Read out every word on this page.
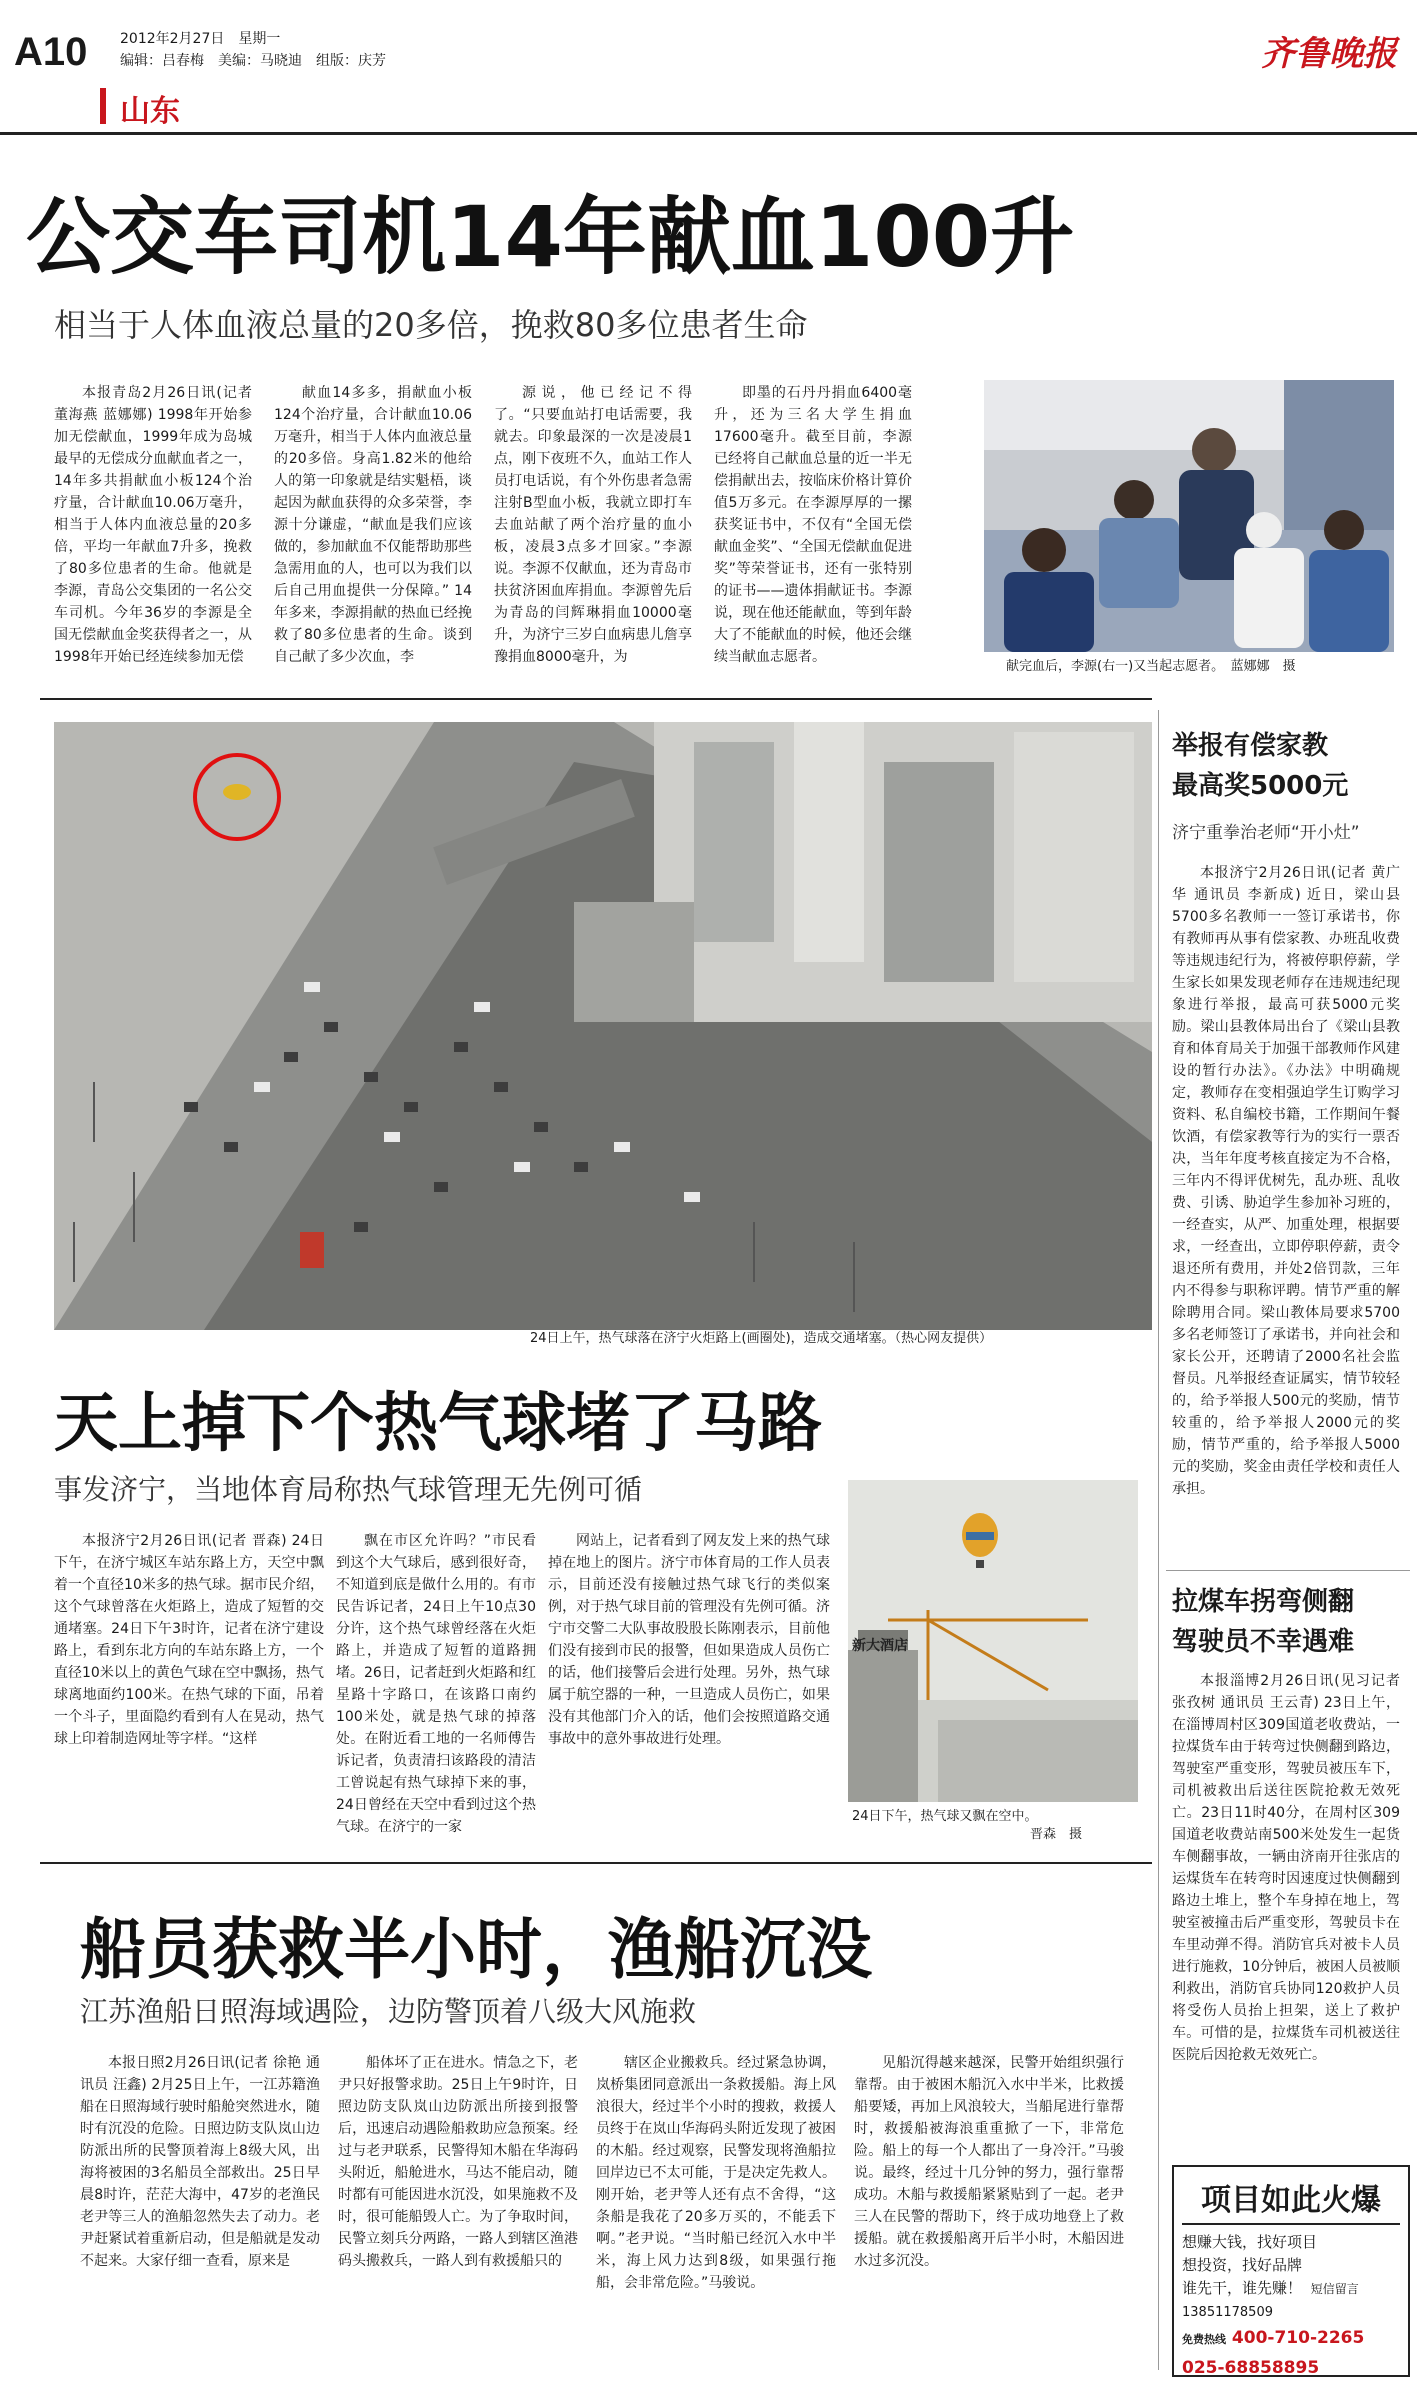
A10 2012年2月27日　星期一
编辑：吕春梅　美编：马晓迪　组版：庆芳
山东
齐鲁晚报
公交车司机14年献血100升
相当于人体血液总量的20多倍，挽救80多位患者生命

本报青岛2月26日讯(记者 董海燕 蓝娜娜) 1998年开始参加无偿献血，1999年成为岛城最早的无偿成分血献血者之一，14年多共捐献血小板124个治疗量，合计献血10.06万毫升，相当于人体内血液总量的20多倍，平均一年献血7升多，挽救了80多位患者的生命。他就是李源，青岛公交集团的一名公交车司机。今年36岁的李源是全国无偿献血金奖获得者之一，从1998年开始已经连续参加无偿

献血14多多，捐献血小板124个治疗量，合计献血10.06万毫升，相当于人体内血液总量的20多倍。身高1.82米的他给人的第一印象就是结实魁梧，谈起因为献血获得的众多荣誉，李源十分谦虚，“献血是我们应该做的，参加献血不仅能帮助那些急需用血的人，也可以为我们以后自己用血提供一分保障。” 14年多来，李源捐献的热血已经挽救了80多位患者的生命。谈到自己献了多少次血，李

源说，他已经记不得了。“只要血站打电话需要，我就去。印象最深的一次是凌晨1点，刚下夜班不久，血站工作人员打电话说，有个外伤患者急需注射B型血小板，我就立即打车去血站献了两个治疗量的血小板，凌晨3点多才回家。”李源说。李源不仅献血，还为青岛市扶贫济困血库捐血。李源曾先后为青岛的闫辉琳捐血10000毫升，为济宁三岁白血病患儿詹享豫捐血8000毫升，为

即墨的石丹丹捐血6400毫升，还为三名大学生捐血17600毫升。截至目前，李源已经将自己献血总量的近一半无偿捐献出去，按临床价格计算价值5万多元。在李源厚厚的一摞获奖证书中，不仅有“全国无偿献血金奖”、“全国无偿献血促进奖”等荣誉证书，还有一张特别的证书——遗体捐献证书。李源说，现在他还能献血，等到年龄大了不能献血的时候，他还会继续当献血志愿者。

献完血后，李源(右一)又当起志愿者。　蓝娜娜　摄
24日上午，热气球落在济宁火炬路上(画圈处)，造成交通堵塞。（热心网友提供）
天上掉下个热气球堵了马路
事发济宁，当地体育局称热气球管理无先例可循

本报济宁2月26日讯(记者 晋森) 24日下午，在济宁城区车站东路上方，天空中飘着一个直径10米多的热气球。据市民介绍，这个气球曾落在火炬路上，造成了短暂的交通堵塞。24日下午3时许，记者在济宁建设路上，看到东北方向的车站东路上方，一个直径10米以上的黄色气球在空中飘扬，热气球离地面约100米。在热气球的下面，吊着一个斗子，里面隐约看到有人在晃动，热气球上印着制造网址等字样。“这样

飘在市区允许吗？”市民看到这个大气球后，感到很好奇，不知道到底是做什么用的。有市民告诉记者，24日上午10点30分许，这个热气球曾经落在火炬路上，并造成了短暂的道路拥堵。26日，记者赶到火炬路和红星路十字路口，在该路口南约100米处，就是热气球的掉落处。在附近看工地的一名师傅告诉记者，负责清扫该路段的清洁工曾说起有热气球掉下来的事，24日曾经在天空中看到过这个热气球。在济宁的一家

网站上，记者看到了网友发上来的热气球掉在地上的图片。济宁市体育局的工作人员表示，目前还没有接触过热气球飞行的类似案例，对于热气球目前的管理没有先例可循。济宁市交警二大队事故股股长陈刚表示，目前他们没有接到市民的报警，但如果造成人员伤亡的话，他们接警后会进行处理。另外，热气球属于航空器的一种，一旦造成人员伤亡，如果没有其他部门介入的话，他们会按照道路交通事故中的意外事故进行处理。

新大酒店
24日下午，热气球又飘在空中。
晋森　摄
船员获救半小时，渔船沉没
江苏渔船日照海域遇险，边防警顶着八级大风施救

本报日照2月26日讯(记者 徐艳 通讯员 汪鑫) 2月25日上午，一江苏籍渔船在日照海域行驶时船舱突然进水，随时有沉没的危险。日照边防支队岚山边防派出所的民警顶着海上8级大风，出海将被困的3名船员全部救出。25日早晨8时许，茫茫大海中，47岁的老渔民老尹等三人的渔船忽然失去了动力。老尹赶紧试着重新启动，但是船就是发动不起来。大家仔细一查看，原来是

船体坏了正在进水。情急之下，老尹只好报警求助。25日上午9时许，日照边防支队岚山边防派出所接到报警后，迅速启动遇险船救助应急预案。经过与老尹联系，民警得知木船在华海码头附近，船舱进水，马达不能启动，随时都有可能因进水沉没，如果施救不及时，很可能船毁人亡。为了争取时间，民警立刻兵分两路，一路人到辖区渔港码头搬救兵，一路人到有救援船只的

辖区企业搬救兵。经过紧急协调，岚桥集团同意派出一条救援船。海上风浪很大，经过半个小时的搜救，救援人员终于在岚山华海码头附近发现了被困的木船。经过观察，民警发现将渔船拉回岸边已不太可能，于是决定先救人。刚开始，老尹等人还有点不舍得，“这条船是我花了20多万买的，不能丢下啊。”老尹说。“当时船已经沉入水中半米，海上风力达到8级，如果强行拖船，会非常危险。”马骏说。

见船沉得越来越深，民警开始组织强行靠帮。由于被困木船沉入水中半米，比救援船要矮，再加上风浪较大，当船尾进行靠帮时，救援船被海浪重重掀了一下，非常危险。船上的每一个人都出了一身冷汗。”马骏说。最终，经过十几分钟的努力，强行靠帮成功。木船与救援船紧紧贴到了一起。老尹三人在民警的帮助下，终于成功地登上了救援船。就在救援船离开后半小时，木船因进水过多沉没。

举报有偿家教
最高奖5000元
济宁重拳治老师“开小灶”

本报济宁2月26日讯(记者 黄广华 通讯员 李新成) 近日，梁山县5700多名教师一一签订承诺书，你有教师再从事有偿家教、办班乱收费等违规违纪行为，将被停职停薪，学生家长如果发现老师存在违规违纪现象进行举报，最高可获5000元奖励。梁山县教体局出台了《梁山县教育和体育局关于加强干部教师作风建设的暂行办法》。《办法》中明确规定，教师存在变相强迫学生订购学习资料、私自编校书籍，工作期间午餐饮酒，有偿家教等行为的实行一票否决，当年年度考核直接定为不合格，三年内不得评优树先，乱办班、乱收费、引诱、胁迫学生参加补习班的，一经查实，从严、加重处理，根据要求，一经查出，立即停职停薪，责令退还所有费用，并处2倍罚款，三年内不得参与职称评聘。情节严重的解除聘用合同。梁山教体局要求5700多名老师签订了承诺书，并向社会和家长公开，还聘请了2000名社会监督员。凡举报经查证属实，情节较轻的，给予举报人500元的奖励，情节较重的，给予举报人2000元的奖励，情节严重的，给予举报人5000元的奖励，奖金由责任学校和责任人承担。

拉煤车拐弯侧翻
驾驶员不幸遇难

本报淄博2月26日讯(见习记者 张孜树 通讯员 王云青) 23日上午，在淄博周村区309国道老收费站，一拉煤货车由于转弯过快侧翻到路边，驾驶室严重变形，驾驶员被压车下，司机被救出后送往医院抢救无效死亡。23日11时40分，在周村区309国道老收费站南500米处发生一起货车侧翻事故，一辆由济南开往张店的运煤货车在转弯时因速度过快侧翻到路边土堆上，整个车身掉在地上，驾驶室被撞击后严重变形，驾驶员卡在车里动弹不得。消防官兵对被卡人员进行施救，10分钟后，被困人员被顺利救出，消防官兵协同120救护人员将受伤人员抬上担架，送上了救护车。可惜的是，拉煤货车司机被送往医院后因抢救无效死亡。

项目如此火爆
想赚大钱，找好项目
想投资，找好品牌
谁先干，谁先赚！ 短信留言
13851178509
免费热线 400-710-2265
025-68858895
